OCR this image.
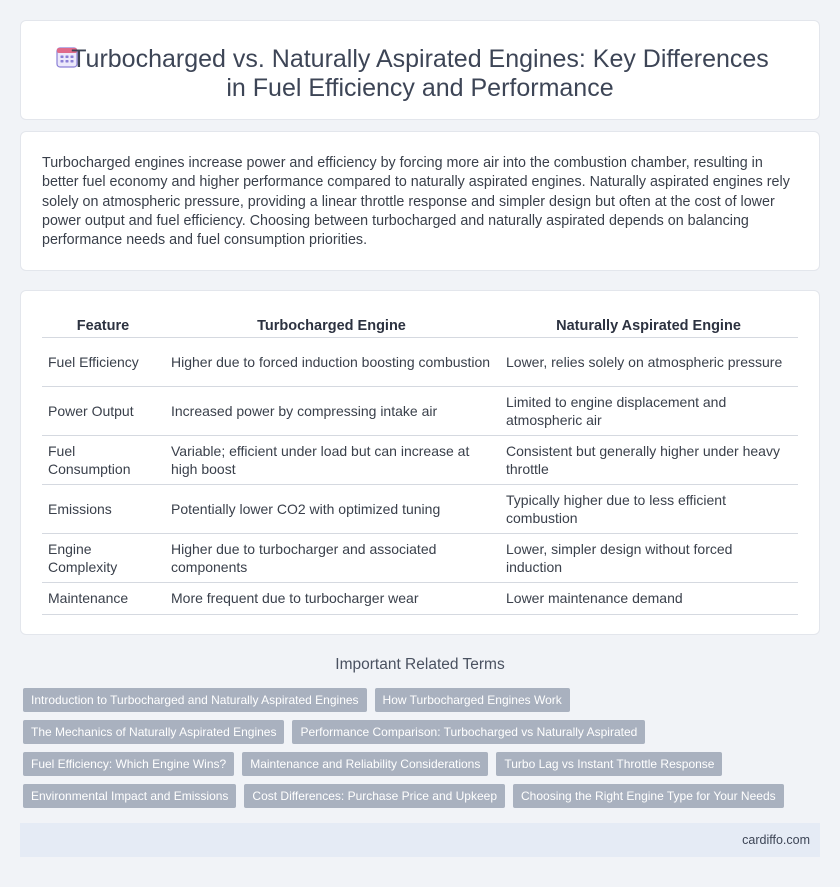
Turbocharged vs. Naturally Aspirated Engines: Key Differences in Fuel Efficiency and Performance

Turbocharged engines increase power and efficiency by forcing more air into the combustion chamber, resulting in better fuel economy and higher performance compared to naturally aspirated engines. Naturally aspirated engines rely solely on atmospheric pressure, providing a linear throttle response and simpler design but often at the cost of lower power output and fuel efficiency. Choosing between turbocharged and naturally aspirated depends on balancing performance needs and fuel consumption priorities.

Feature	Turbocharged Engine	Naturally Aspirated Engine
Fuel Efficiency	Higher due to forced induction boosting combustion	Lower, relies solely on atmospheric pressure
Power Output	Increased power by compressing intake air	Limited to engine displacement and atmospheric air
Fuel Consumption	Variable; efficient under load but can increase at high boost	Consistent but generally higher under heavy throttle
Emissions	Potentially lower CO2 with optimized tuning	Typically higher due to less efficient combustion
Engine Complexity	Higher due to turbocharger and associated components	Lower, simpler design without forced induction
Maintenance	More frequent due to turbocharger wear	Lower maintenance demand
Important Related Terms
Introduction to Turbocharged and Naturally Aspirated Engines	How Turbocharged Engines Work
The Mechanics of Naturally Aspirated Engines	Performance Comparison: Turbocharged vs Naturally Aspirated
Fuel Efficiency: Which Engine Wins?	Maintenance and Reliability Considerations	Turbo Lag vs Instant Throttle Response
Environmental Impact and Emissions	Cost Differences: Purchase Price and Upkeep	Choosing the Right Engine Type for Your Needs
cardiffo.com
